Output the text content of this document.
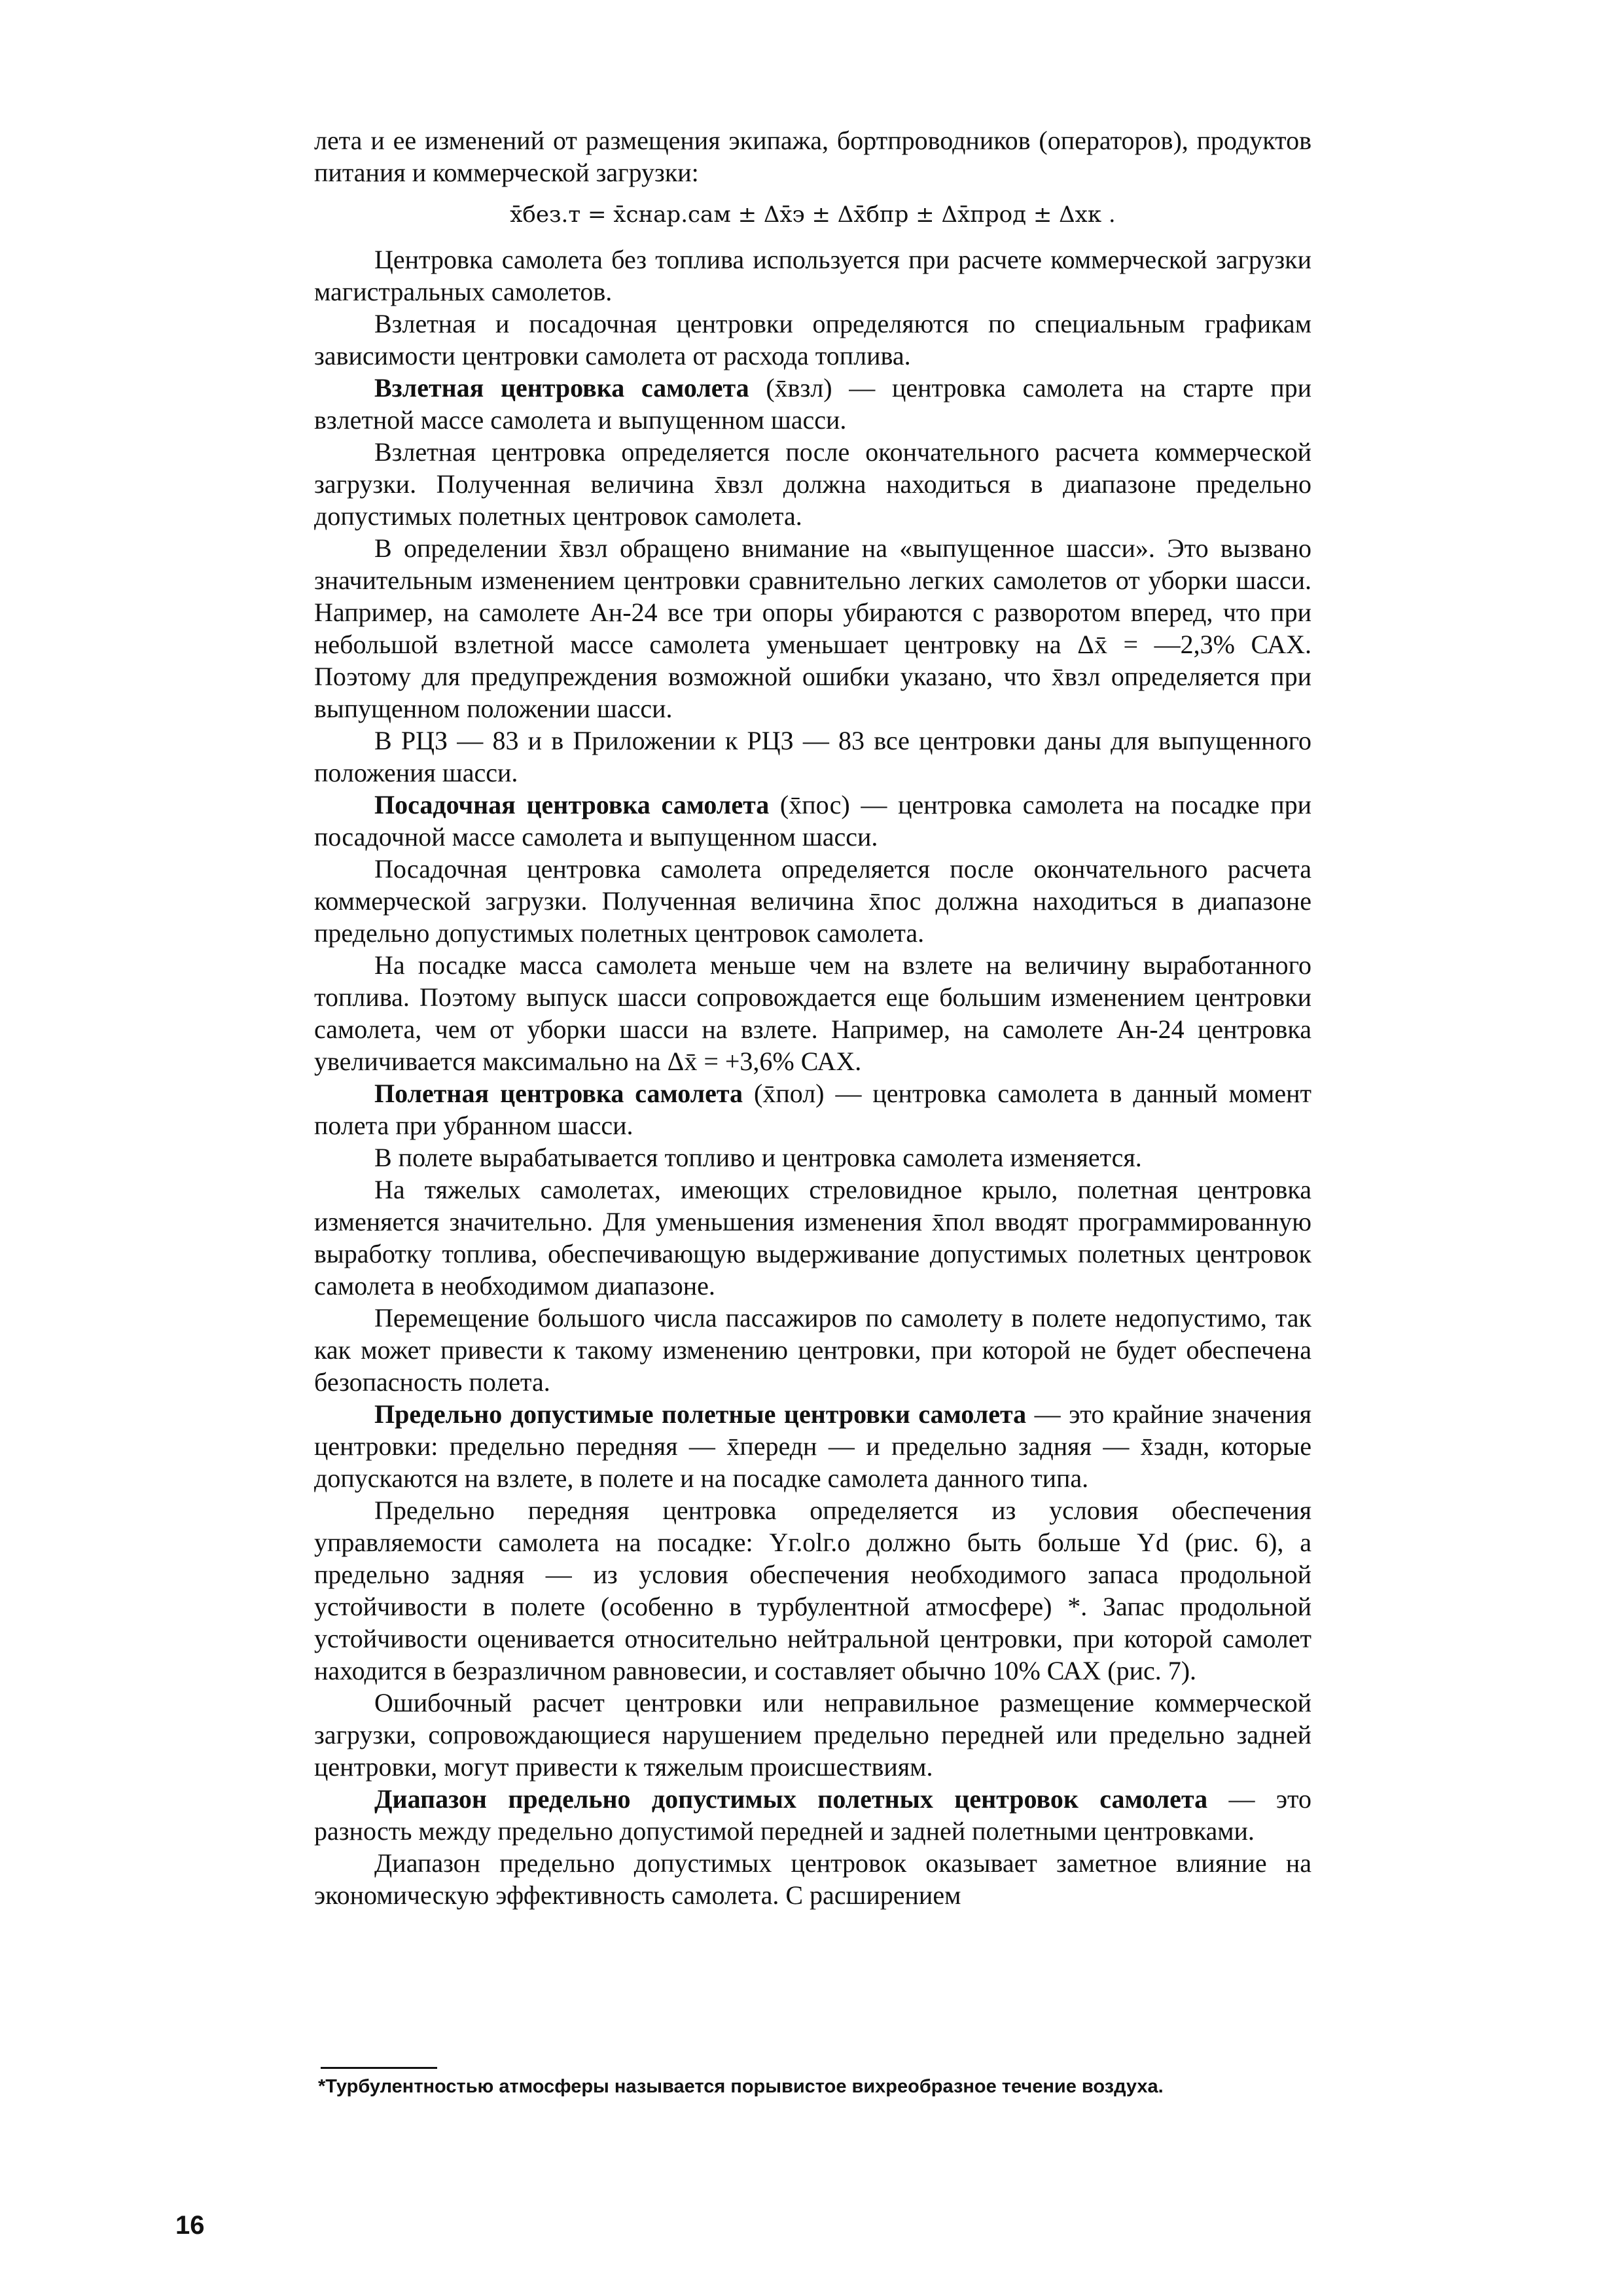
лета и ее изменений от размещения экипажа, бортпроводников (операторов), продуктов питания и коммерческой загрузки:

x̄без.т = x̄снар.сам ± Δx̄э ± Δx̄бпр ± Δx̄прод ± Δxк .

Центровка самолета без топлива используется при расчете коммерческой загрузки магистральных самолетов.

Взлетная и посадочная центровки определяются по специальным графикам зависимости центровки самолета от расхода топлива.

Взлетная центровка самолета (x̄взл) — центровка самолета на старте при взлетной массе самолета и выпущенном шасси.

Взлетная центровка определяется после окончательного расчета коммерческой загрузки. Полученная величина x̄взл должна находиться в диапазоне предельно допустимых полетных центровок самолета.

В определении x̄взл обращено внимание на «выпущенное шасси». Это вызвано значительным изменением центровки сравнительно легких самолетов от уборки шасси. Например, на самолете Ан-24 все три опоры убираются с разворотом вперед, что при небольшой взлетной массе самолета уменьшает центровку на Δx̄ = —2,3% САХ. Поэтому для предупреждения возможной ошибки указано, что x̄взл определяется при выпущенном положении шасси.

В РЦЗ — 83 и в Приложении к РЦЗ — 83 все центровки даны для выпущенного положения шасси.

Посадочная центровка самолета (x̄пос) — центровка самолета на посадке при посадочной массе самолета и выпущенном шасси.

Посадочная центровка самолета определяется после окончательного расчета коммерческой загрузки. Полученная величина x̄пос должна находиться в диапазоне предельно допустимых полетных центровок самолета.

На посадке масса самолета меньше чем на взлете на величину выработанного топлива. Поэтому выпуск шасси сопровождается еще большим изменением центровки самолета, чем от уборки шасси на взлете. Например, на самолете Ан-24 центровка увеличивается максимально на Δx̄ = +3,6% САХ.

Полетная центровка самолета (x̄пол) — центровка самолета в данный момент полета при убранном шасси.

В полете вырабатывается топливо и центровка самолета изменяется.

На тяжелых самолетах, имеющих стреловидное крыло, полетная центровка изменяется значительно. Для уменьшения изменения x̄пол вводят программированную выработку топлива, обеспечивающую выдерживание допустимых полетных центровок самолета в необходимом диапазоне.

Перемещение большого числа пассажиров по самолету в полете недопустимо, так как может привести к такому изменению центровки, при которой не будет обеспечена безопасность полета.

Предельно допустимые полетные центровки самолета — это крайние значения центровки: предельно передняя — x̄передн — и предельно задняя — x̄задн, которые допускаются на взлете, в полете и на посадке самолета данного типа.

Предельно передняя центровка определяется из условия обеспечения управляемости самолета на посадке: Yг.оlг.о должно быть больше Yd (рис. 6), а предельно задняя — из условия обеспечения необходимого запаса продольной устойчивости в полете (особенно в турбулентной атмосфере) *. Запас продольной устойчивости оценивается относительно нейтральной центровки, при которой самолет находится в безразличном равновесии, и составляет обычно 10% САХ (рис. 7).

Ошибочный расчет центровки или неправильное размещение коммерческой загрузки, сопровождающиеся нарушением предельно передней или предельно задней центровки, могут привести к тяжелым происшествиям.

Диапазон предельно допустимых полетных центровок самолета — это разность между предельно допустимой передней и задней полетными центровками.

Диапазон предельно допустимых центровок оказывает заметное влияние на экономическую эффективность самолета. С расширением

*Турбулентностью атмосферы называется порывистое вихреобразное течение воздуха.
16
